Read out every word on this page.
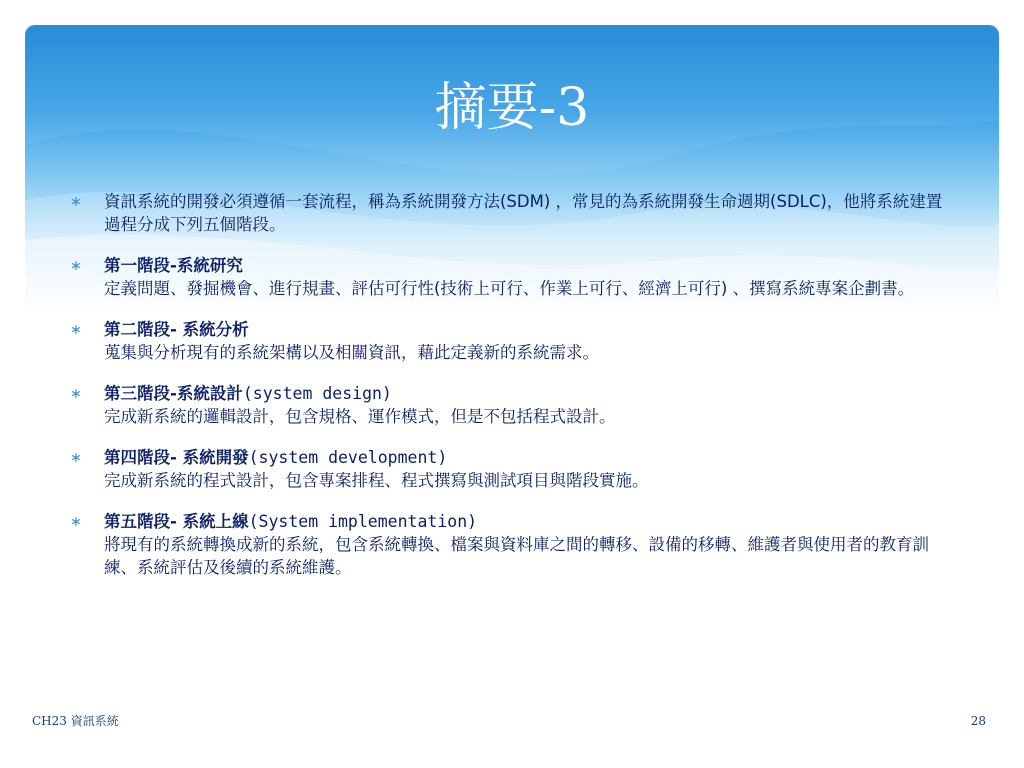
摘要-3
∗ 資訊系統的開發必須遵循一套流程，稱為系統開發方法(SDM) ，常見的為系統開發生命週期(SDLC)，他將系統建置過程分成下列五個階段。
∗ 第一階段-系統研究
定義問題、發掘機會、進行規畫、評估可行性(技術上可行、作業上可行、經濟上可行) 、撰寫系統專案企劃書。
∗ 第二階段- 系統分析
蒐集與分析現有的系統架構以及相關資訊，藉此定義新的系統需求。
∗ 第三階段-系統設計(system design)
完成新系統的邏輯設計，包含規格、運作模式，但是不包括程式設計。
∗ 第四階段- 系統開發(system development)
完成新系統的程式設計，包含專案排程、程式撰寫與測試項目與階段實施。
∗ 第五階段- 系統上線(System implementation)
將現有的系統轉換成新的系統，包含系統轉換、檔案與資料庫之間的轉移、設備的移轉、維護者與使用者的教育訓練、系統評估及後續的系統維護。
CH23 資訊系統	28
